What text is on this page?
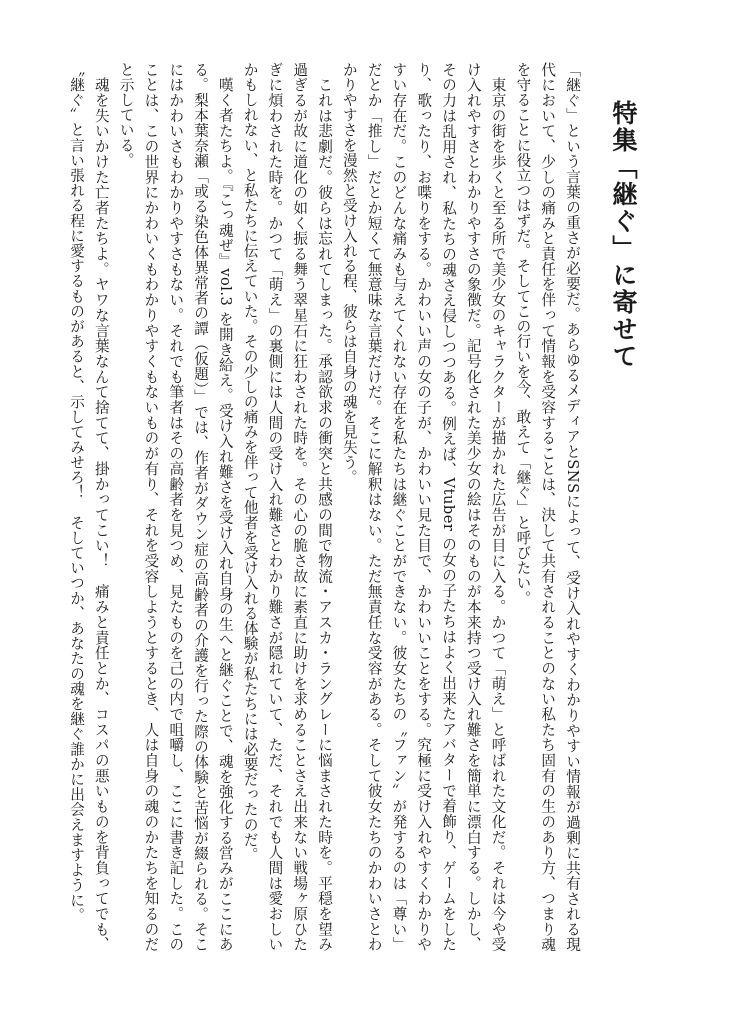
特集「継ぐ」に寄せて

「継ぐ」という言葉の重さが必要だ。あらゆるメディアとSNSによって、受け入れやすくわかりやすい情報が過剰に共有される現代において、少しの痛みと責任を伴って情報を受容することは、決して共有されることのない私たち固有の生のあり方、つまり魂を守ることに役立つはずだ。そしてこの行いを今、敢えて「継ぐ」と呼びたい。

　東京の街を歩くと至る所で美少女のキャラクターが描かれた広告が目に入る。かつて「萌え」と呼ばれた文化だ。それは今や受け入れやすさとわかりやすさの象徴だ。記号化された美少女の絵はそのものが本来持つ受け入れ難さを簡単に漂白する。しかし、その力は乱用され、私たちの魂さえ侵しつつある。例えば、Vtuber の女の子たちはよく出来たアバターで着飾り、ゲームをしたり、歌ったり、お喋りをする。かわいい声の女の子が、かわいい見た目で、かわいいことをする。究極に受け入れやすくわかりやすい存在だ。このどんな痛みも与えてくれない存在を私たちは継ぐことができない。彼女たちの〝ファン〟が発するのは「尊い」だとか「推し」だとか短くて無意味な言葉だけだ。そこに解釈はない。ただ無責任な受容がある。そして彼女たちのかわいさとわかりやすさを漫然と受け入れる程、彼らは自身の魂を見失う。

　これは悲劇だ。彼らは忘れてしまった。承認欲求の衝突と共感の間で物流・アスカ・ラングレーに悩まされた時を。平穏を望み過ぎるが故に道化の如く振る舞う翠星石に狂わされた時を。その心の脆さ故に素直に助けを求めることさえ出来ない戦場ヶ原ひたぎに煩わされた時を。かつて「萌え」の裏側には人間の受け入れ難さとわかり難さが隠れていて、ただ、それでも人間は愛おしいかもしれない、と私たちに伝えていた。その少しの痛みを伴って他者を受け入れる体験が私たちには必要だったのだ。

　嘆く者たちよ。『こっ魂ぜ』vol.3 を開き給え。受け入れ難さを受け入れ自身の生へと継ぐことで、魂を強化する営みがここにある。梨本葉奈瀬「或る染色体異常者の譚（仮題）」では、作者がダウン症の高齢者の介護を行った際の体験と苦悩が綴られる。そこにはかわいさもわかりやすさもない。それでも筆者はその高齢者を見つめ、見たものを己の内で咀嚼し、ここに書き記した。このことは、この世界にかわいくもわかりやすくもないものが有り、それを受容しようとするとき、人は自身の魂のかたちを知るのだと示している。

　魂を失いかけた亡者たちよ。ヤワな言葉なんて捨てて、掛かってこい！　痛みと責任とか、コスパの悪いものを背負ってでも、〝継ぐ〟と言い張れる程に愛するものがあると、示してみせろ！　そしていつか、あなたの魂を継ぐ誰かに出会えますように。
